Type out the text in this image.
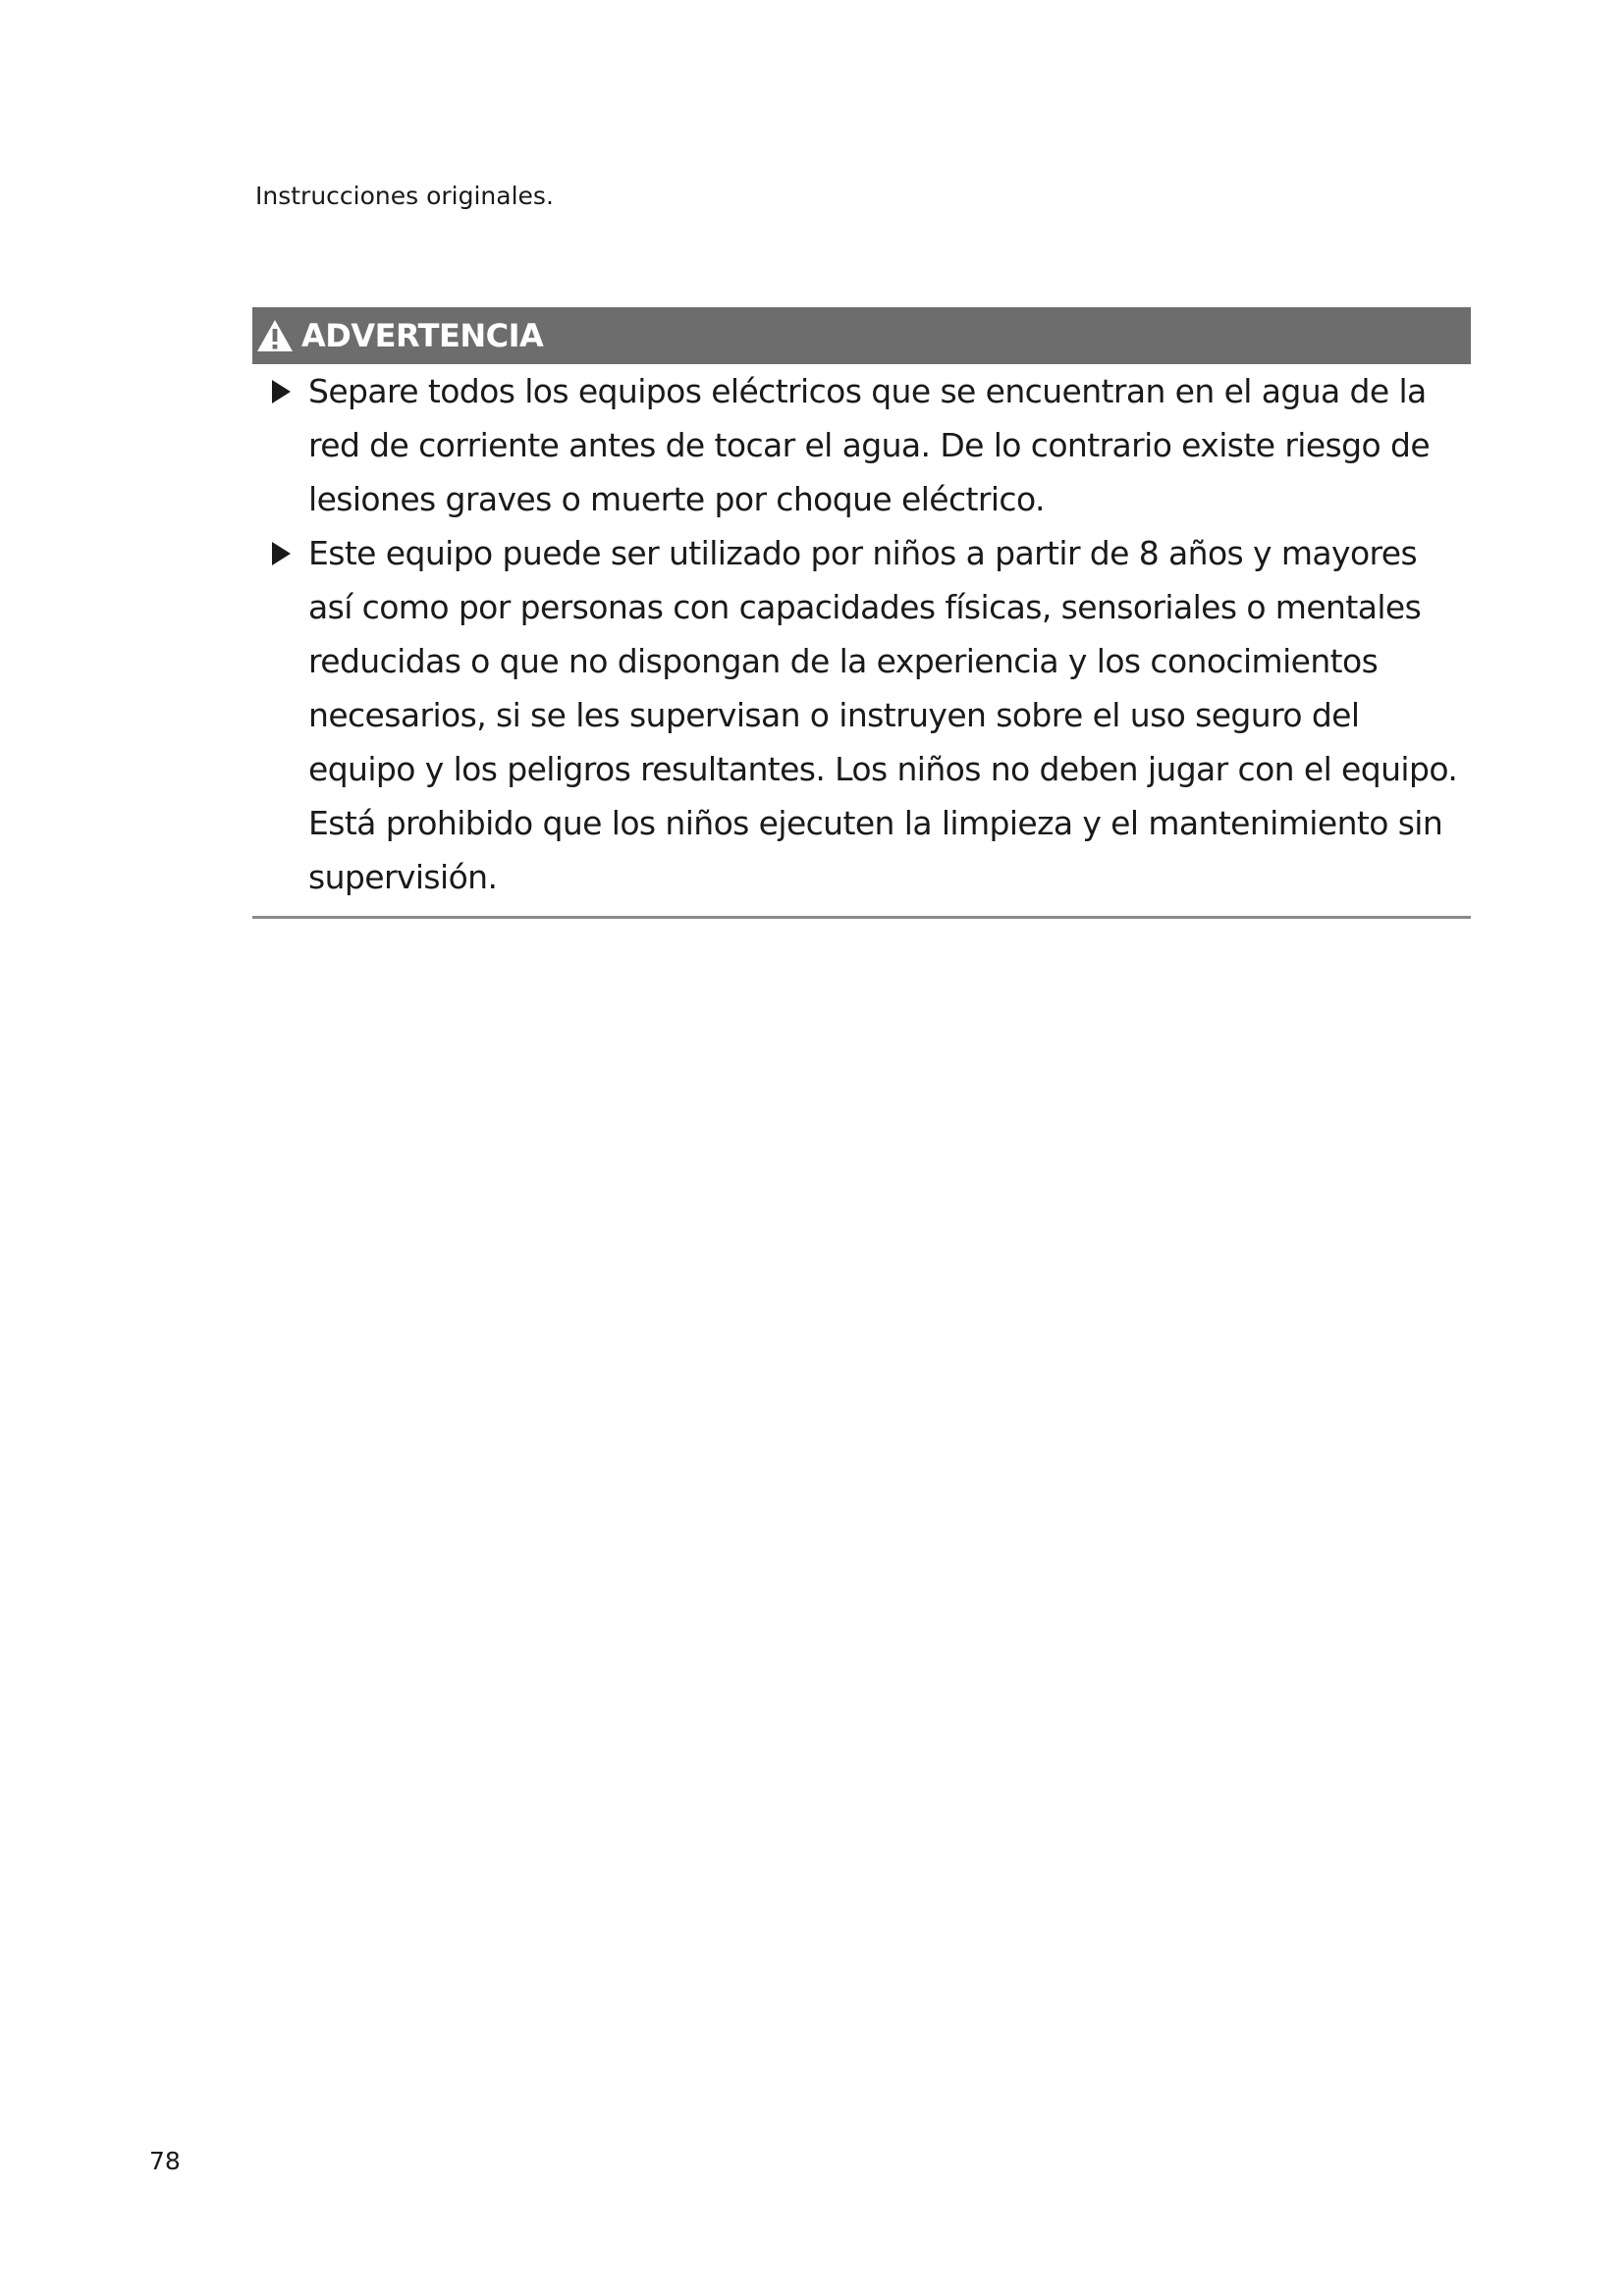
Instrucciones originales.

ADVERTENCIA

Separe todos los equipos eléctricos que se encuentran en el agua de la red de corriente antes de tocar el agua. De lo contrario existe riesgo de lesiones graves o muerte por choque eléctrico.

Este equipo puede ser utilizado por niños a partir de 8 años y mayores así como por personas con capacidades físicas, sensoriales o mentales reducidas o que no dispongan de la experiencia y los conocimientos necesarios, si se les supervisan o instruyen sobre el uso seguro del equipo y los peligros resultantes. Los niños no deben jugar con el equipo. Está prohibido que los niños ejecuten la limpieza y el mantenimiento sin supervisión.

78
